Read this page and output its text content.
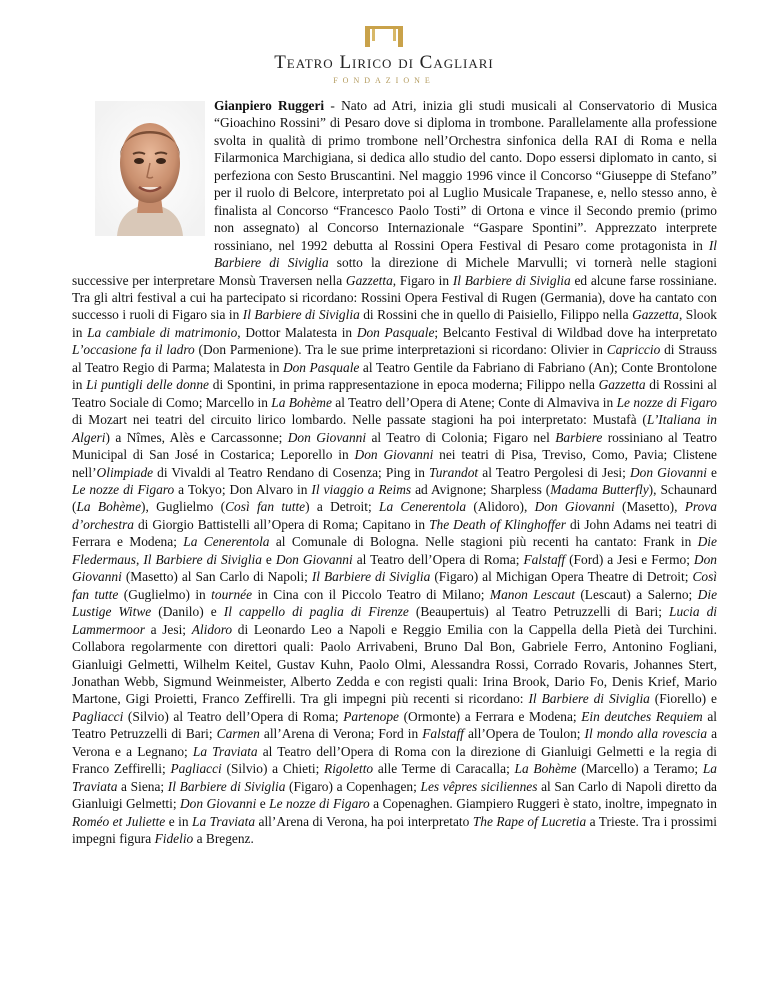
Teatro Lirico di Cagliari
FONDAZIONE

Gianpiero Ruggeri - Nato ad Atri, inizia gli studi musicali al Conservatorio di Musica “Gioachino Rossini” di Pesaro dove si diploma in trombone. Parallelamente alla professione svolta in qualità di primo trombone nell’Orchestra sinfonica della RAI di Roma e nella Filarmonica Marchigiana, si dedica allo studio del canto. Dopo essersi diplomato in canto, si perfeziona con Sesto Bruscantini. Nel maggio 1996 vince il Concorso “Giuseppe di Stefano” per il ruolo di Belcore, interpretato poi al Luglio Musicale Trapanese, e, nello stesso anno, è finalista al Concorso “Francesco Paolo Tosti” di Ortona e vince il Secondo premio (primo non assegnato) al Concorso Internazionale “Gaspare Spontini”. Apprezzato interprete rossiniano, nel 1992 debutta al Rossini Opera Festival di Pesaro come protagonista in Il Barbiere di Siviglia sotto la direzione di Michele Marvulli; vi tornerà nelle stagioni successive per interpretare Monsù Traversen nella Gazzetta, Figaro in Il Barbiere di Siviglia ed alcune farse rossiniane. Tra gli altri festival a cui ha partecipato si ricordano: Rossini Opera Festival di Rugen (Germania), dove ha cantato con successo i ruoli di Figaro sia in Il Barbiere di Siviglia di Rossini che in quello di Paisiello, Filippo nella Gazzetta, Slook in La cambiale di matrimonio, Dottor Malatesta in Don Pasquale; Belcanto Festival di Wildbad dove ha interpretato L’occasione fa il ladro (Don Parmenione). Tra le sue prime interpretazioni si ricordano: Olivier in Capriccio di Strauss al Teatro Regio di Parma; Malatesta in Don Pasquale al Teatro Gentile da Fabriano di Fabriano (An); Conte Brontolone in Li puntigli delle donne di Spontini, in prima rappresentazione in epoca moderna; Filippo nella Gazzetta di Rossini al Teatro Sociale di Como; Marcello in La Bohème al Teatro dell’Opera di Atene; Conte di Almaviva in Le nozze di Figaro di Mozart nei teatri del circuito lirico lombardo. Nelle passate stagioni ha poi interpretato: Mustafà (L’Italiana in Algeri) a Nîmes, Alès e Carcassonne; Don Giovanni al Teatro di Colonia; Figaro nel Barbiere rossiniano al Teatro Municipal di San José in Costarica; Leporello in Don Giovanni nei teatri di Pisa, Treviso, Como, Pavia; Clistene nell’Olimpiade di Vivaldi al Teatro Rendano di Cosenza; Ping in Turandot al Teatro Pergolesi di Jesi; Don Giovanni e Le nozze di Figaro a Tokyo; Don Alvaro in Il viaggio a Reims ad Avignone; Sharpless (Madama Butterfly), Schaunard (La Bohème), Guglielmo (Così fan tutte) a Detroit; La Cenerentola (Alidoro), Don Giovanni (Masetto), Prova d’orchestra di Giorgio Battistelli all’Opera di Roma; Capitano in The Death of Klinghoffer di John Adams nei teatri di Ferrara e Modena; La Cenerentola al Comunale di Bologna. Nelle stagioni più recenti ha cantato: Frank in Die Fledermaus, Il Barbiere di Siviglia e Don Giovanni al Teatro dell’Opera di Roma; Falstaff (Ford) a Jesi e Fermo; Don Giovanni (Masetto) al San Carlo di Napoli; Il Barbiere di Siviglia (Figaro) al Michigan Opera Theatre di Detroit; Così fan tutte (Guglielmo) in tournée in Cina con il Piccolo Teatro di Milano; Manon Lescaut (Lescaut) a Salerno; Die Lustige Witwe (Danilo) e Il cappello di paglia di Firenze (Beaupertuis) al Teatro Petruzzelli di Bari; Lucia di Lammermoor a Jesi; Alidoro di Leonardo Leo a Napoli e Reggio Emilia con la Cappella della Pietà dei Turchini. Collabora regolarmente con direttori quali: Paolo Arrivabeni, Bruno Dal Bon, Gabriele Ferro, Antonino Fogliani, Gianluigi Gelmetti, Wilhelm Keitel, Gustav Kuhn, Paolo Olmi, Alessandra Rossi, Corrado Rovaris, Johannes Stert, Jonathan Webb, Sigmund Weinmeister, Alberto Zedda e con registi quali: Irina Brook, Dario Fo, Denis Krief, Mario Martone, Gigi Proietti, Franco Zeffirelli. Tra gli impegni più recenti si ricordano: Il Barbiere di Siviglia (Fiorello) e Pagliacci (Silvio) al Teatro dell’Opera di Roma; Partenope (Ormonte) a Ferrara e Modena; Ein deutches Requiem al Teatro Petruzzelli di Bari; Carmen all’Arena di Verona; Ford in Falstaff all’Opera de Toulon; Il mondo alla rovescia a Verona e a Legnano; La Traviata al Teatro dell’Opera di Roma con la direzione di Gianluigi Gelmetti e la regia di Franco Zeffirelli; Pagliacci (Silvio) a Chieti; Rigoletto alle Terme di Caracalla; La Bohème (Marcello) a Teramo; La Traviata a Siena; Il Barbiere di Siviglia (Figaro) a Copenhagen; Les vêpres siciliennes al San Carlo di Napoli diretto da Gianluigi Gelmetti; Don Giovanni e Le nozze di Figaro a Copenaghen. Giampiero Ruggeri è stato, inoltre, impegnato in Roméo et Juliette e in La Traviata all’Arena di Verona, ha poi interpretato The Rape of Lucretia a Trieste. Tra i prossimi impegni figura Fidelio a Bregenz.
